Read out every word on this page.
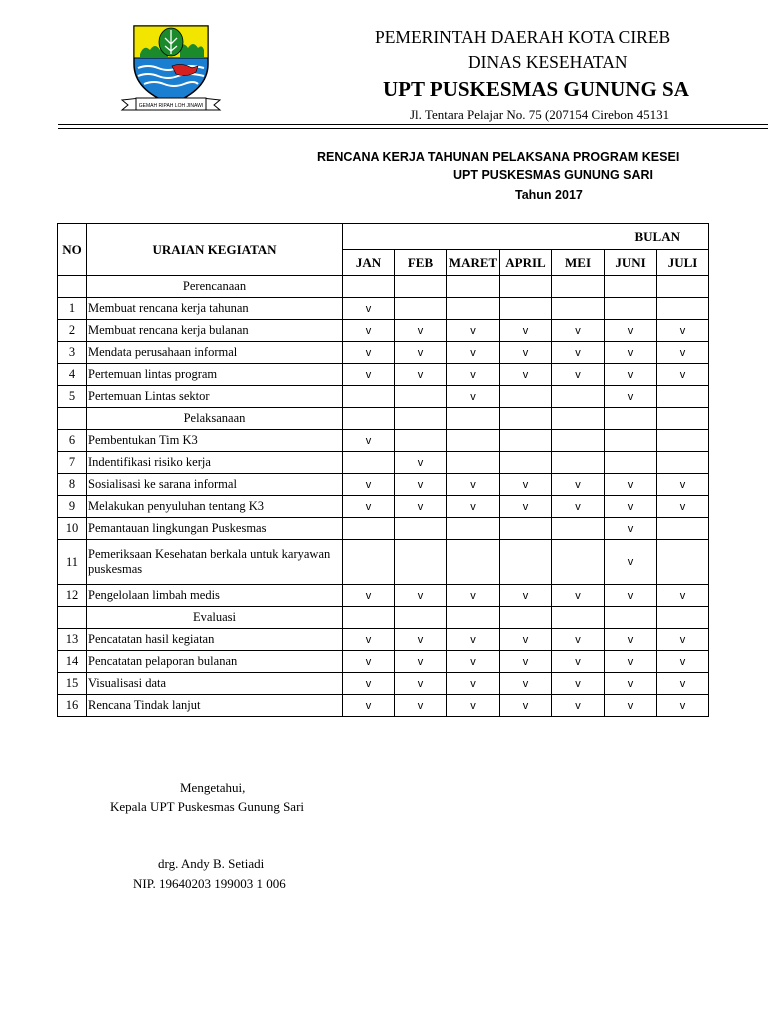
GEMAH RIPAH LOH JINAWI
PEMERINTAH DAERAH KOTA CIREB
DINAS KESEHATAN
UPT PUSKESMAS GUNUNG SA
Jl. Tentara Pelajar No. 75 (207154 Cirebon 45131
RENCANA KERJA TAHUNAN PELAKSANA PROGRAM KESEI
UPT PUSKESMAS GUNUNG SARI
Tahun 2017
NO	URAIAN KEGIATAN	BULAN						
		JAN	FEB	MARET	APRIL	MEI	JUNI	JULI
	Perencanaan							
1	Membuat rencana kerja tahunan	v						
2	Membuat rencana kerja bulanan	v	v	v	v	v	v	v
3	Mendata perusahaan informal	v	v	v	v	v	v	v
4	Pertemuan lintas program	v	v	v	v	v	v	v
5	Pertemuan Lintas sektor			v			v	
	Pelaksanaan							
6	Pembentukan Tim K3	v						
7	Indentifikasi risiko kerja		v					
8	Sosialisasi ke sarana informal	v	v	v	v	v	v	v
9	Melakukan penyuluhan tentang K3	v	v	v	v	v	v	v
10	Pemantauan lingkungan Puskesmas						v	
11	Pemeriksaan Kesehatan berkala untuk karyawan puskesmas						v	
12	Pengelolaan limbah medis	v	v	v	v	v	v	v
	Evaluasi							
13	Pencatatan hasil kegiatan	v	v	v	v	v	v	v
14	Pencatatan pelaporan bulanan	v	v	v	v	v	v	v
15	Visualisasi data	v	v	v	v	v	v	v
16	Rencana Tindak lanjut	v	v	v	v	v	v	v
Mengetahui,
Kepala UPT Puskesmas Gunung Sari
drg. Andy B. Setiadi
NIP. 19640203 199003 1 006
